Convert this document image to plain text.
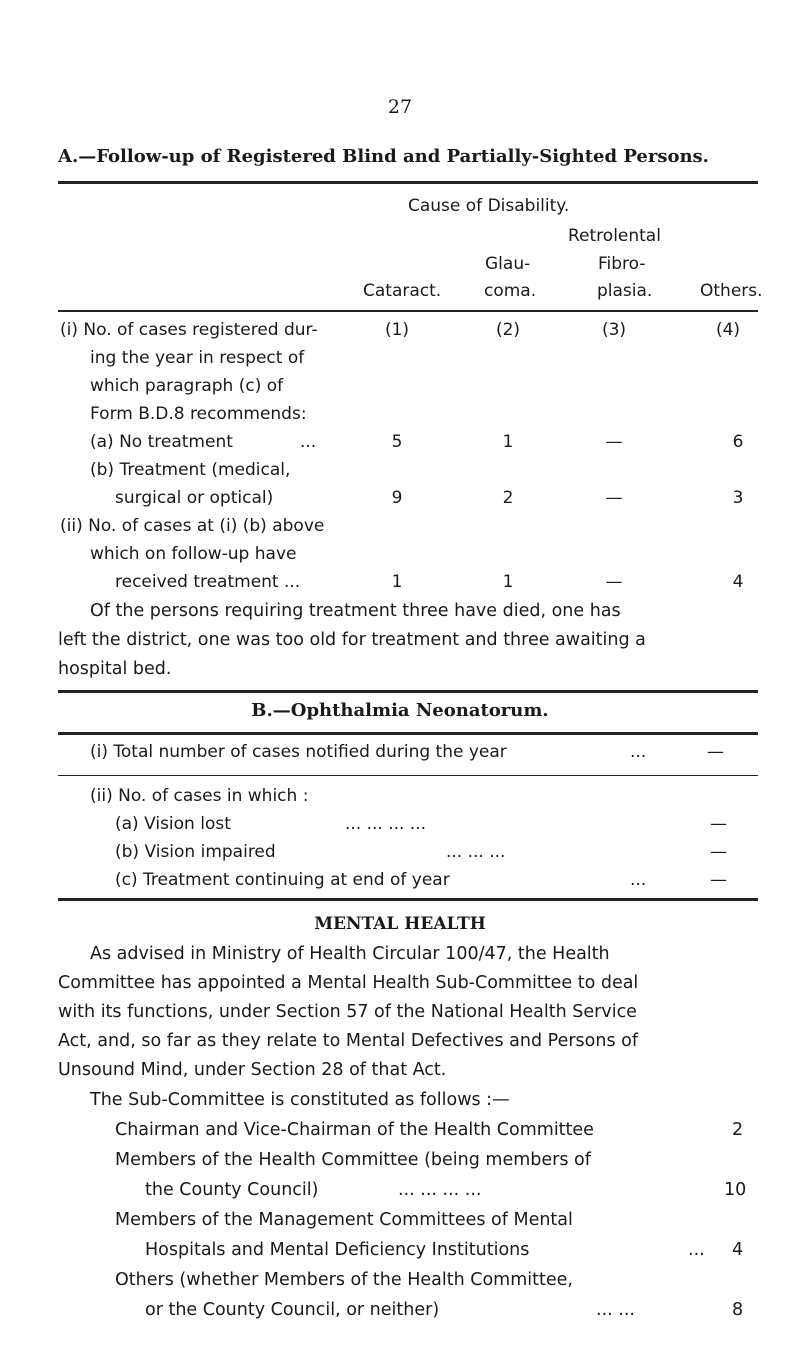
27
A.—Follow-up of Registered Blind and Partially-Sighted Persons.
Cause of Disability.
Retrolental
Glau-	Fibro-
Cataract.	coma.	plasia.	Others.
(i) No. of cases registered dur-
ing the year in respect of
which paragraph (c) of
Form B.D.8 recommends:
(1)	(2)	(3)	(4)
(a) No treatment	...	5	1	—	6
(b) Treatment (medical,
surgical or optical)	9	2	—	3
(ii) No. of cases at (i) (b) above
which on follow-up have
received treatment ...	1	1	—	4
Of the persons requiring treatment three have died, one has
left the district, one was too old for treatment and three awaiting a
hospital bed.
B.—Ophthalmia Neonatorum.
(i) Total number of cases notified during the year	...	—
(ii) No. of cases in which :
(a) Vision lost	... ... ... ...	—
(b) Vision impaired	... ... ...	—
(c) Treatment continuing at end of year	...	—
MENTAL HEALTH
As advised in Ministry of Health Circular 100/47, the Health
Committee has appointed a Mental Health Sub-Committee to deal
with its functions, under Section 57 of the National Health Service
Act, and, so far as they relate to Mental Defectives and Persons of
Unsound Mind, under Section 28 of that Act.
The Sub-Committee is constituted as follows :—
Chairman and Vice-Chairman of the Health Committee	2
Members of the Health Committee (being members of
the County Council)	... ... ... ...	10
Members of the Management Committees of Mental
Hospitals and Mental Deficiency Institutions	... 4
Others (whether Members of the Health Committee,
or the County Council, or neither)	... ...	8
